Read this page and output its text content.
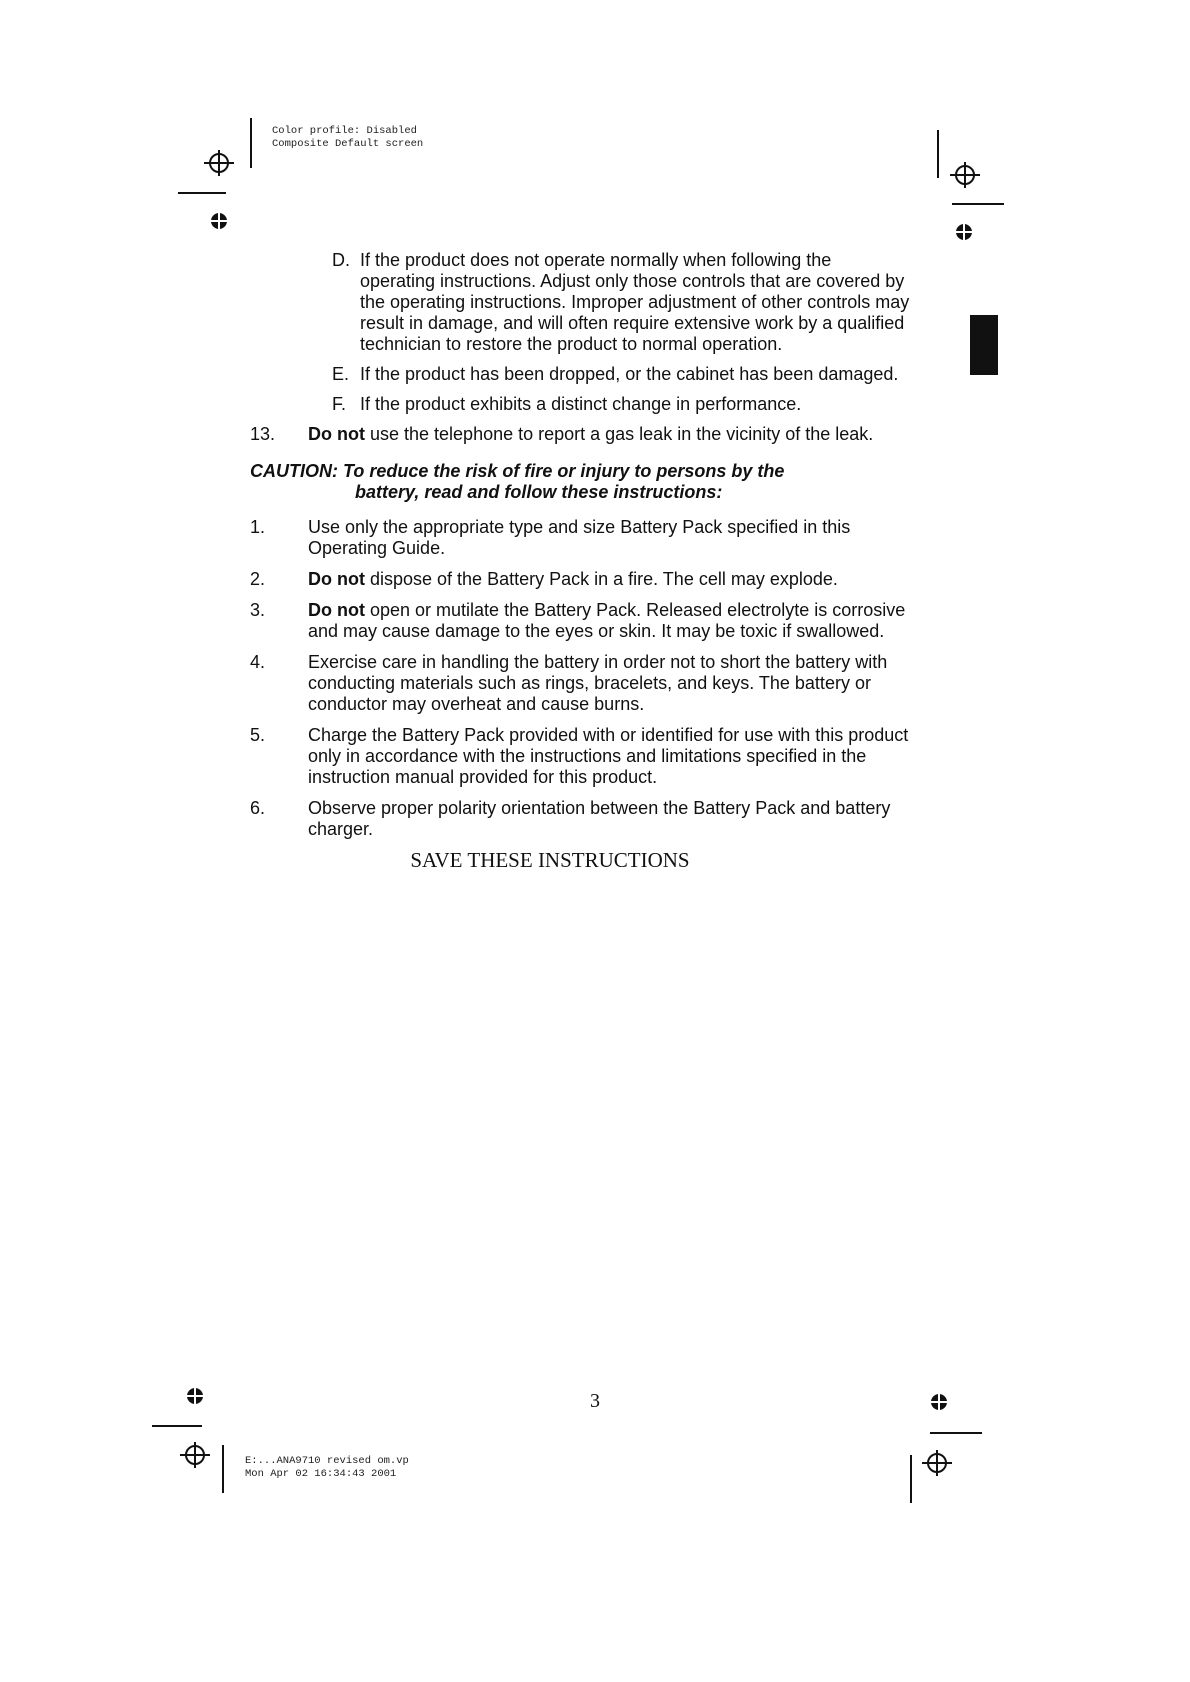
Color profile: Disabled
Composite Default screen
D. If the product does not operate normally when following the operating instructions. Adjust only those controls that are covered by the operating instructions. Improper adjustment of other controls may result in damage, and will often require extensive work by a qualified technician to restore the product to normal operation.
E. If the product has been dropped, or the cabinet has been damaged.
F. If the product exhibits a distinct change in performance.
13. Do not use the telephone to report a gas leak in the vicinity of the leak.
CAUTION: To reduce the risk of fire or injury to persons by the
battery, read and follow these instructions:
1. Use only the appropriate type and size Battery Pack specified in this Operating Guide.
2. Do not dispose of the Battery Pack in a fire. The cell may explode.
3. Do not open or mutilate the Battery Pack. Released electrolyte is corrosive and may cause damage to the eyes or skin. It may be toxic if swallowed.
4. Exercise care in handling the battery in order not to short the battery with conducting materials such as rings, bracelets, and keys. The battery or conductor may overheat and cause burns.
5. Charge the Battery Pack provided with or identified for use with this product only in accordance with the instructions and limitations specified in the instruction manual provided for this product.
6. Observe proper polarity orientation between the Battery Pack and battery charger.
SAVE THESE INSTRUCTIONS
3
E:...ANA9710 revised om.vp
Mon Apr 02 16:34:43 2001
